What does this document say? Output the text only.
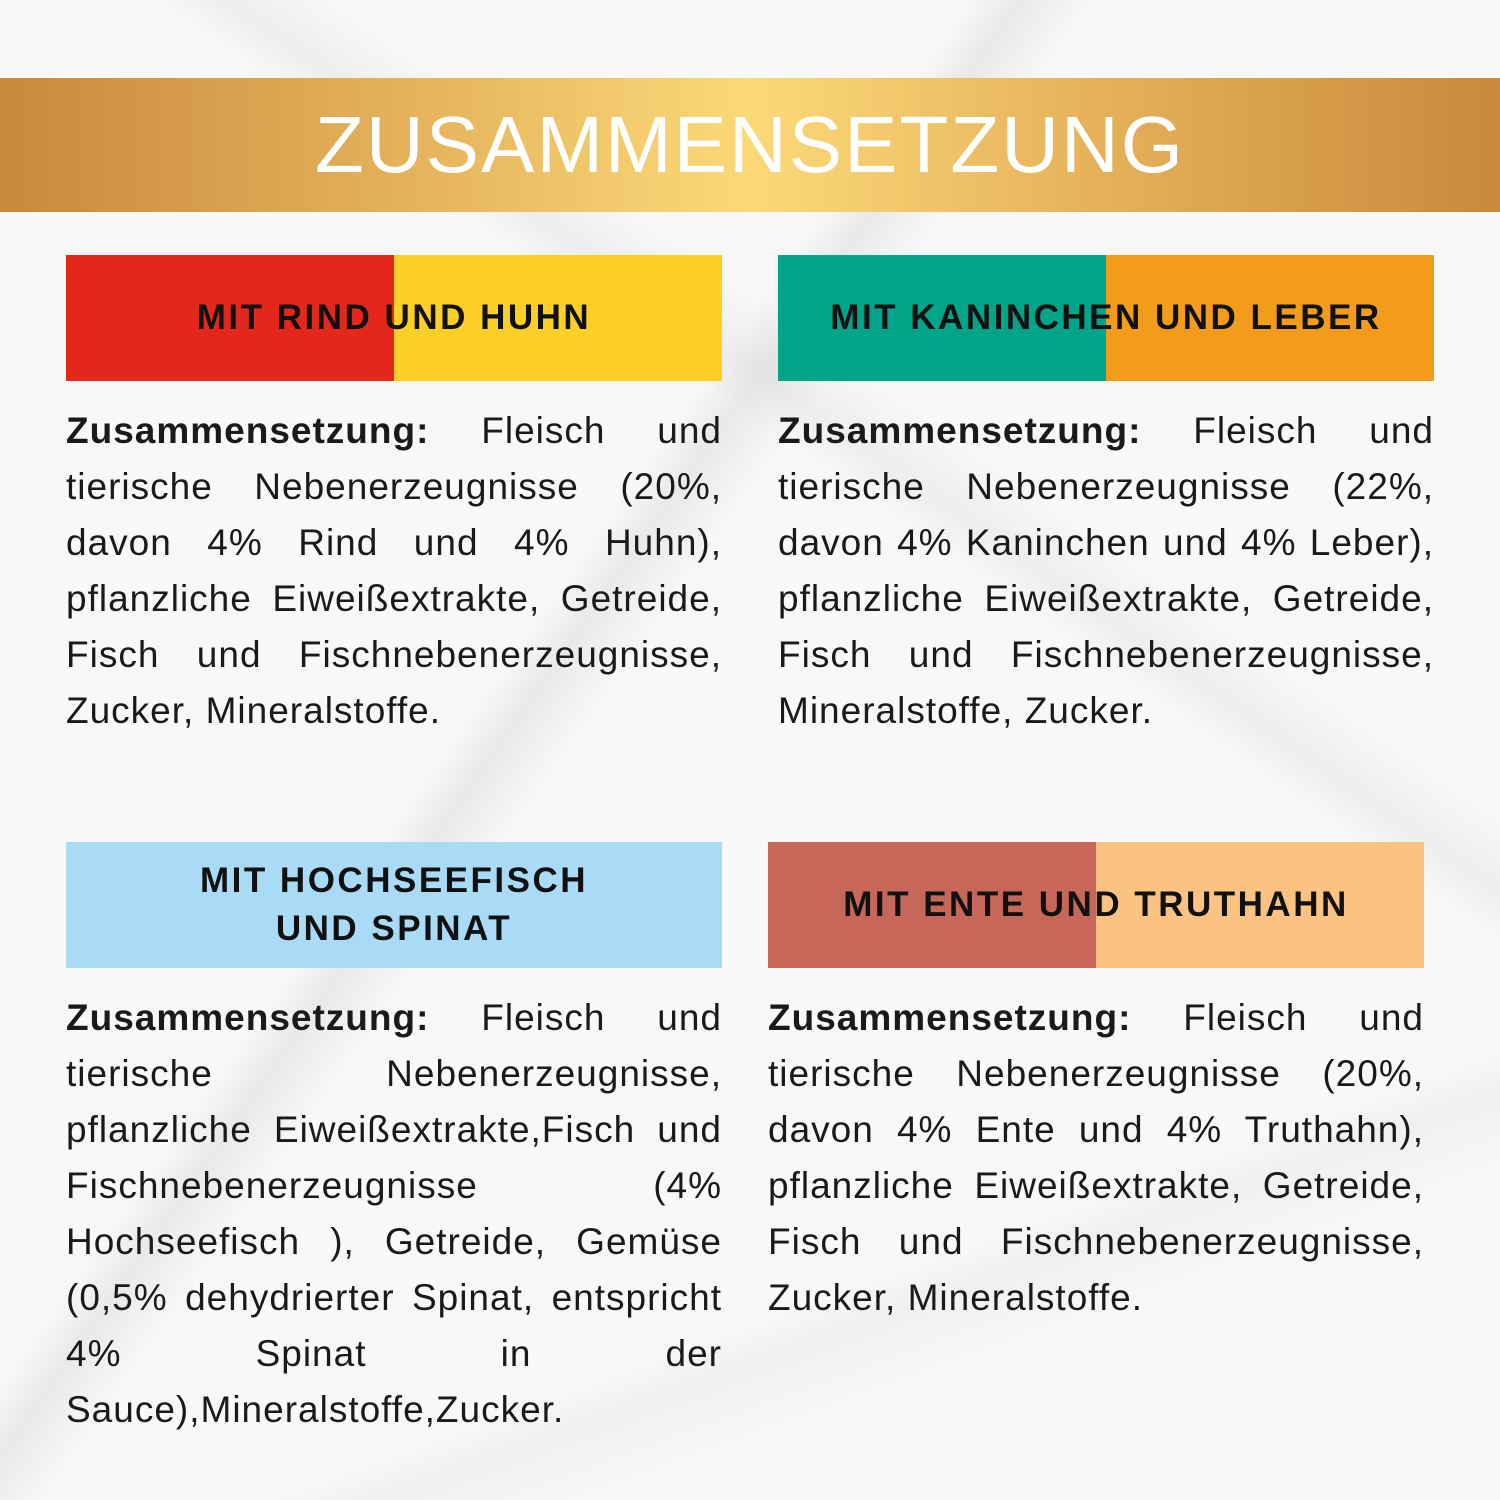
ZUSAMMENSETZUNG
MIT RIND UND HUHN
Zusammensetzung: Fleisch und tierische Nebenerzeugnisse (20%, davon 4% Rind und 4% Huhn), pflanzliche Eiweißextrakte, Getreide, Fisch und Fischnebenerzeugnisse, Zucker, Mineralstoffe.
MIT KANINCHEN UND LEBER
Zusammensetzung: Fleisch und tierische Nebenerzeugnisse (22%, davon 4% Kaninchen und 4% Leber), pflanzliche Eiweißextrakte, Getreide, Fisch und Fischnebenerzeugnisse, Mineralstoffe, Zucker.
MIT HOCHSEEFISCH
UND SPINAT
Zusammensetzung: Fleisch und tierische Nebenerzeugnisse, pflanzliche Eiweißextrakte,Fisch und Fischnebenerzeugnisse (4% Hochseefisch ), Getreide, Gemüse (0,5% dehydrierter Spinat, entspricht 4% Spinat in der Sauce),Mineralstoffe,Zucker.
MIT ENTE UND TRUTHAHN
Zusammensetzung: Fleisch und tierische Nebenerzeugnisse (20%, davon 4% Ente und 4% Truthahn), pflanzliche Eiweißextrakte, Getreide, Fisch und Fischnebenerzeugnisse, Zucker, Mineralstoffe.
